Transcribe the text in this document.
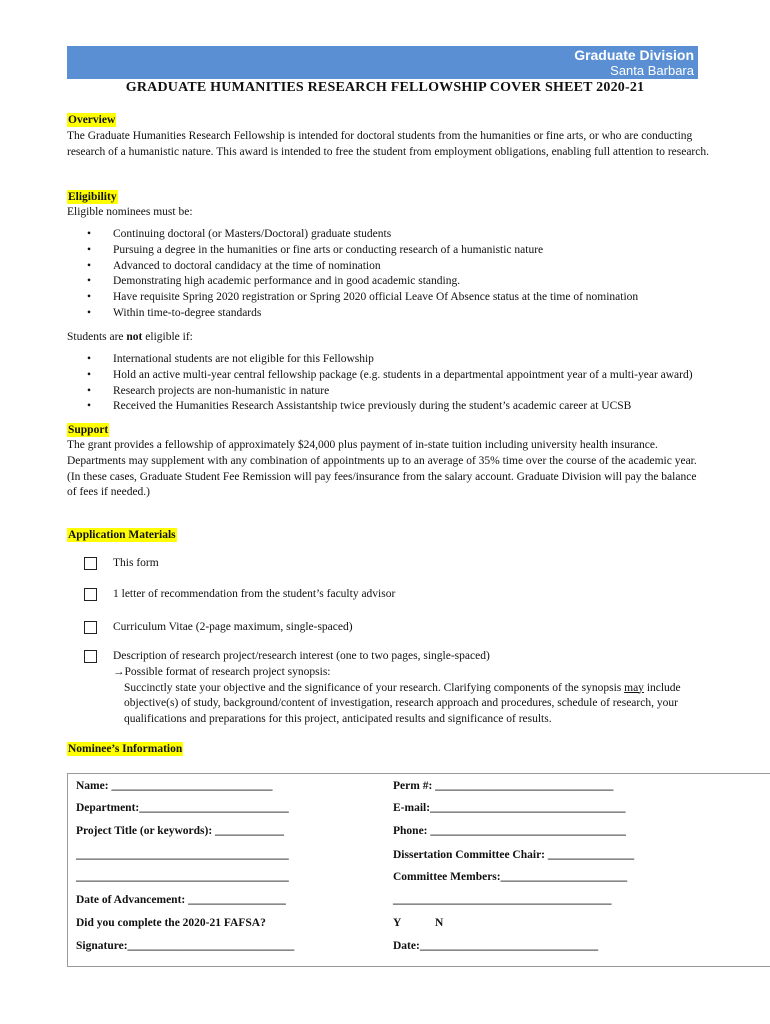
Graduate Division
Santa Barbara
GRADUATE HUMANITIES RESEARCH FELLOWSHIP COVER SHEET 2020-21
Overview
The Graduate Humanities Research Fellowship is intended for doctoral students from the humanities or fine arts, or who are conducting research of a humanistic nature. This award is intended to free the student from employment obligations, enabling full attention to research.
Eligibility
Eligible nominees must be:
• Continuing doctoral (or Masters/Doctoral) graduate students
• Pursuing a degree in the humanities or fine arts or conducting research of a humanistic nature
• Advanced to doctoral candidacy at the time of nomination
• Demonstrating high academic performance and in good academic standing.
• Have requisite Spring 2020 registration or Spring 2020 official Leave Of Absence status at the time of nomination
• Within time-to-degree standards
Students are not eligible if:
• International students are not eligible for this Fellowship
• Hold an active multi-year central fellowship package (e.g. students in a departmental appointment year of a multi-year award)
• Research projects are non-humanistic in nature
• Received the Humanities Research Assistantship twice previously during the student’s academic career at UCSB
Support
The grant provides a fellowship of approximately $24,000 plus payment of in-state tuition including university health insurance. Departments may supplement with any combination of appointments up to an average of 35% time over the course of the academic year. (In these cases, Graduate Student Fee Remission will pay fees/insurance from the salary account. Graduate Division will pay the balance of fees if needed.)
Application Materials
This form
1 letter of recommendation from the student’s faculty advisor
Curriculum Vitae (2-page maximum, single-spaced)
Description of research project/research interest (one to two pages, single-spaced)
→Possible format of research project synopsis:
Succinctly state your objective and the significance of your research. Clarifying components of the synopsis may include objective(s) of study, background/content of investigation, research approach and procedures, schedule of research, your qualifications and preparations for this project, anticipated results and significance of results.
Nominee’s Information
Name: ____________________________	Perm #: _______________________________
Department:__________________________	E-mail:__________________________________
Project Title (or keywords): ____________	Phone: __________________________________
_____________________________________	Dissertation Committee Chair: _______________
_____________________________________	Committee Members:______________________
Date of Advancement: _________________	______________________________________
Did you complete the 2020-21 FAFSA?	Y	N
Signature:_____________________________	Date:_______________________________
